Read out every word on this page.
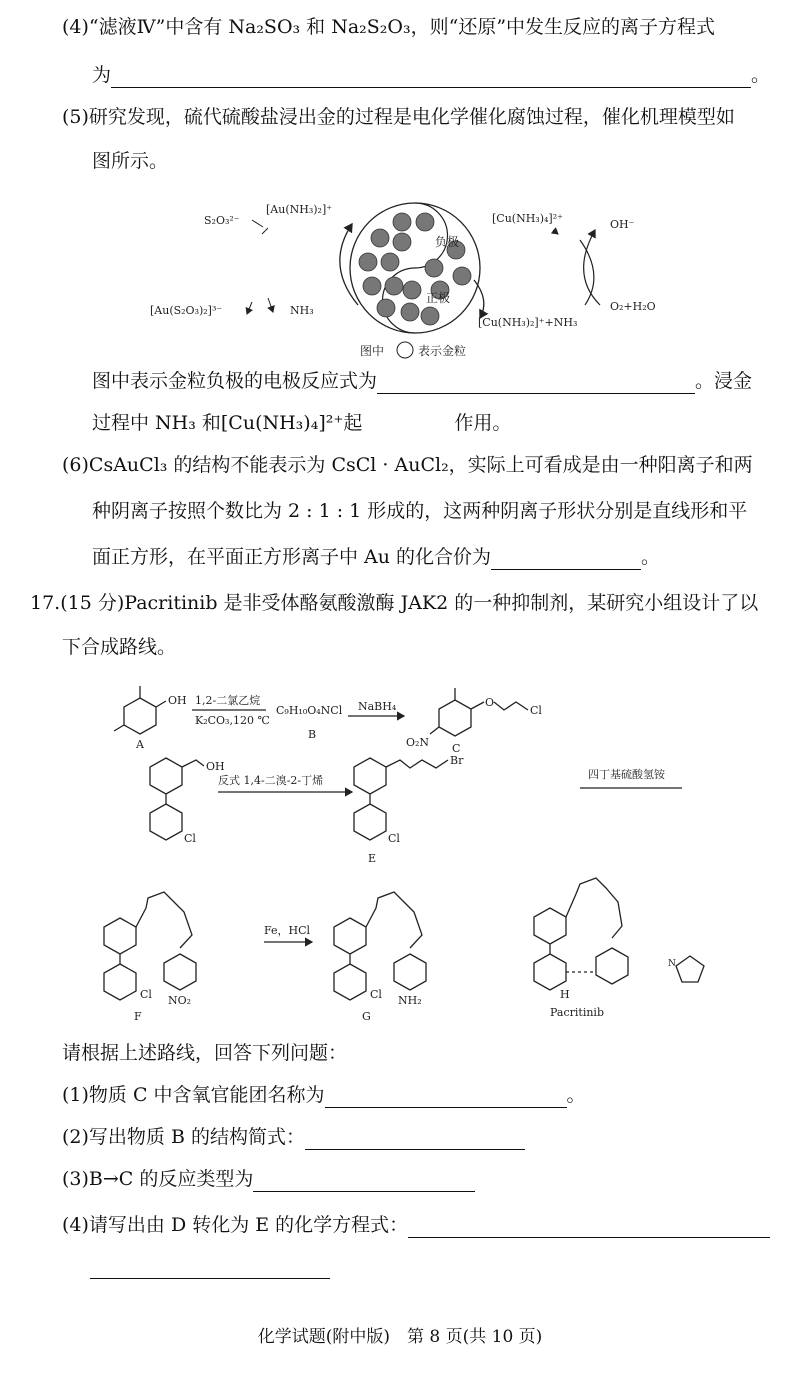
(4)“滤液Ⅳ”中含有 Na₂SO₃ 和 Na₂S₂O₃，则“还原”中发生反应的离子方程式
为	。
(5)研究发现，硫代硫酸盐浸出金的过程是电化学催化腐蚀过程，催化机理模型如
图所示。
S₂O₃²⁻
[Au(NH₃)₂]⁺
[Au(S₂O₃)₂]³⁻	NH₃
负极
正极
[Cu(NH₃)₄]²⁺	OH⁻
[Cu(NH₃)₂]⁺+NH₃
O₂+H₂O
图中	表示金粒
图中表示金粒负极的电极反应式为	。浸金
过程中 NH₃ 和[Cu(NH₃)₄]²⁺起	作用。
(6)CsAuCl₃ 的结构不能表示为 CsCl · AuCl₂，实际上可看成是由一种阳离子和两
种阴离子按照个数比为 2 : 1 : 1 形成的，这两种阴离子形状分别是直线形和平
面正方形，在平面正方形离子中 Au 的化合价为	。
17.(15 分)Pacritinib 是非受体酪氨酸激酶 JAK2 的一种抑制剂，某研究小组设计了以
下合成路线。
OH
A
1,2-二氯乙烷
K₂CO₃,120 ℃
C₉H₁₀O₄NCl
B
NaBH₄	O
Cl
O₂N C
OH
Cl
反式 1,4-二溴-2-丁烯
Br
Cl
E
四丁基硫酸氢铵
Cl NO₂
F
Fe，HCl
Cl NH₂
G
H
Pacritinib
N
请根据上述路线，回答下列问题：
(1)物质 C 中含氧官能团名称为	。
(2)写出物质 B 的结构简式：
(3)B→C 的反应类型为
(4)请写出由 D 转化为 E 的化学方程式：
化学试题(附中版)　第 8 页(共 10 页)
